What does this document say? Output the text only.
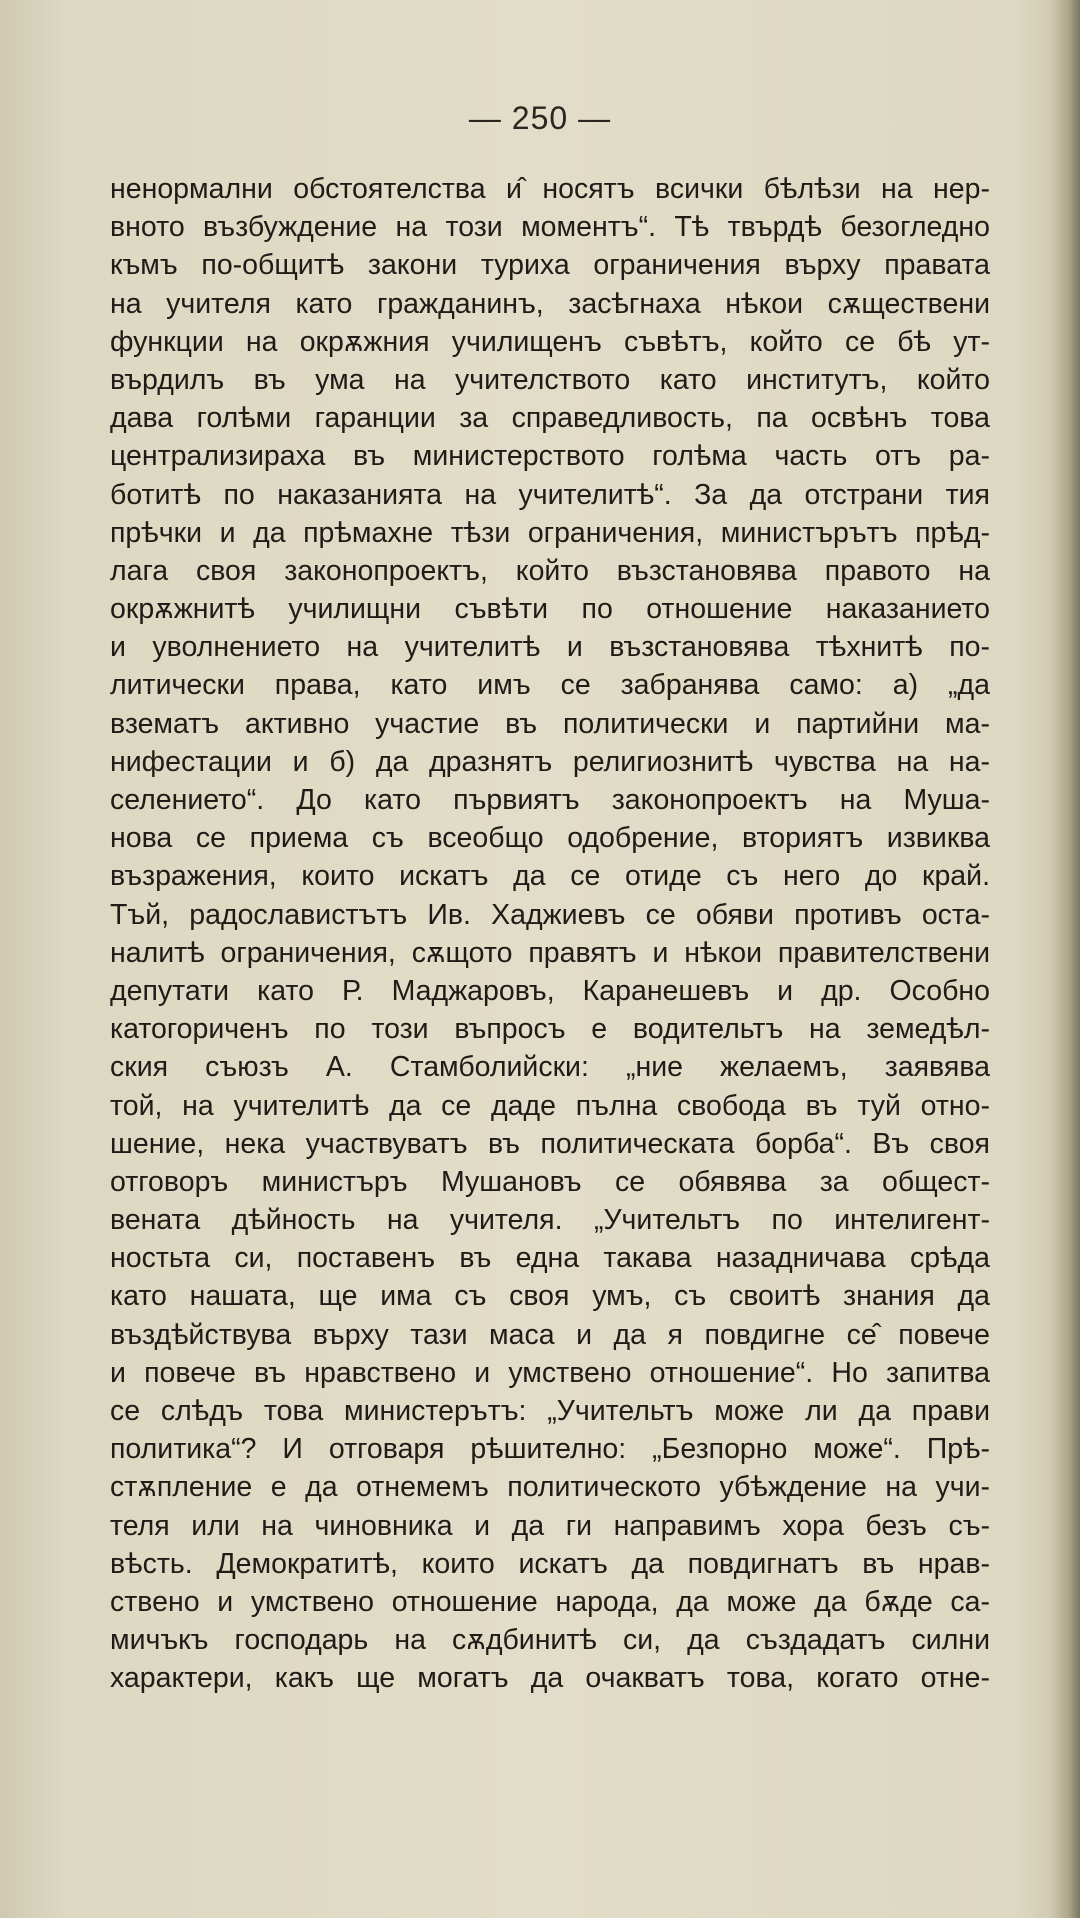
— 250 —
ненормални обстоятелства и̂ носятъ всички бѣлѣзи на нер-
вното възбуждение на този моментъ“. Тѣ твърдѣ безогледно
къмъ по-общитѣ закони туриха ограничения върху правата
на учителя като гражданинъ, засѣгнаха нѣкои сѫществени
функции на окрѫжния училищенъ съвѣтъ, който се бѣ ут-
върдилъ въ ума на учителството като институтъ, който
дава голѣми гаранции за справедливость, па освѣнъ това
централизираха въ министерството голѣма часть отъ ра-
ботитѣ по наказанията на учителитѣ“. За да отстрани тия
прѣчки и да прѣмахне тѣзи ограничения, министърътъ прѣд-
лага своя законопроектъ, който възстановява правото на
окрѫжнитѣ училищни съвѣти по отношение наказанието
и уволнението на учителитѣ и възстановява тѣхнитѣ по-
литически права, като имъ се забранява само: а) „да
взематъ активно участие въ политически и партийни ма-
нифестации и б) да дразнятъ религиознитѣ чувства на на-
селението“. До като първиятъ законопроектъ на Мушa-
нова се приема съ всеобщо одобрение, вториятъ извиква
възражения, които искатъ да се отиде съ него до край.
Тъй, радославистътъ Ив. Хаджиевъ се обяви противъ оста-
налитѣ ограничения, сѫщото правятъ и нѣкои правителствени
депутати като Р. Маджаровъ, Каранешевъ и др. Особно
катогориченъ по този въпросъ е водительтъ на земедѣл-
ския съюзъ А. Стамболийски: „ние желаемъ, заявява
той, на учителитѣ да се даде пълна свобода въ туй отно-
шение, нека участвуватъ въ политическата борба“. Въ своя
отговоръ министъръ Мушановъ се обявява за общест-
вената дѣйность на учителя. „Учительтъ по интелигент-
ностьта си, поставенъ въ една такава назадничава срѣда
като нашата, ще има съ своя умъ, съ своитѣ знания да
въздѣйствува върху тази маса и да я повдигне се̂ повече
и повече въ нравствено и умствено отношение“. Но запитва
се слѣдъ това министерътъ: „Учительтъ може ли да прави
политика“? И отговаря рѣшително: „Безпорно може“. Прѣ-
стѫпление е да отнемемъ политическото убѣждение на учи-
теля или на чиновника и да ги направимъ хора безъ съ-
вѣсть. Демократитѣ, които искатъ да повдигнатъ въ нрав-
ствено и умствено отношение народа, да може да бѫде са-
мичъкъ господарь на сѫдбинитѣ си, да създадатъ силни
характери, какъ ще могатъ да очакватъ това, когато отне-
